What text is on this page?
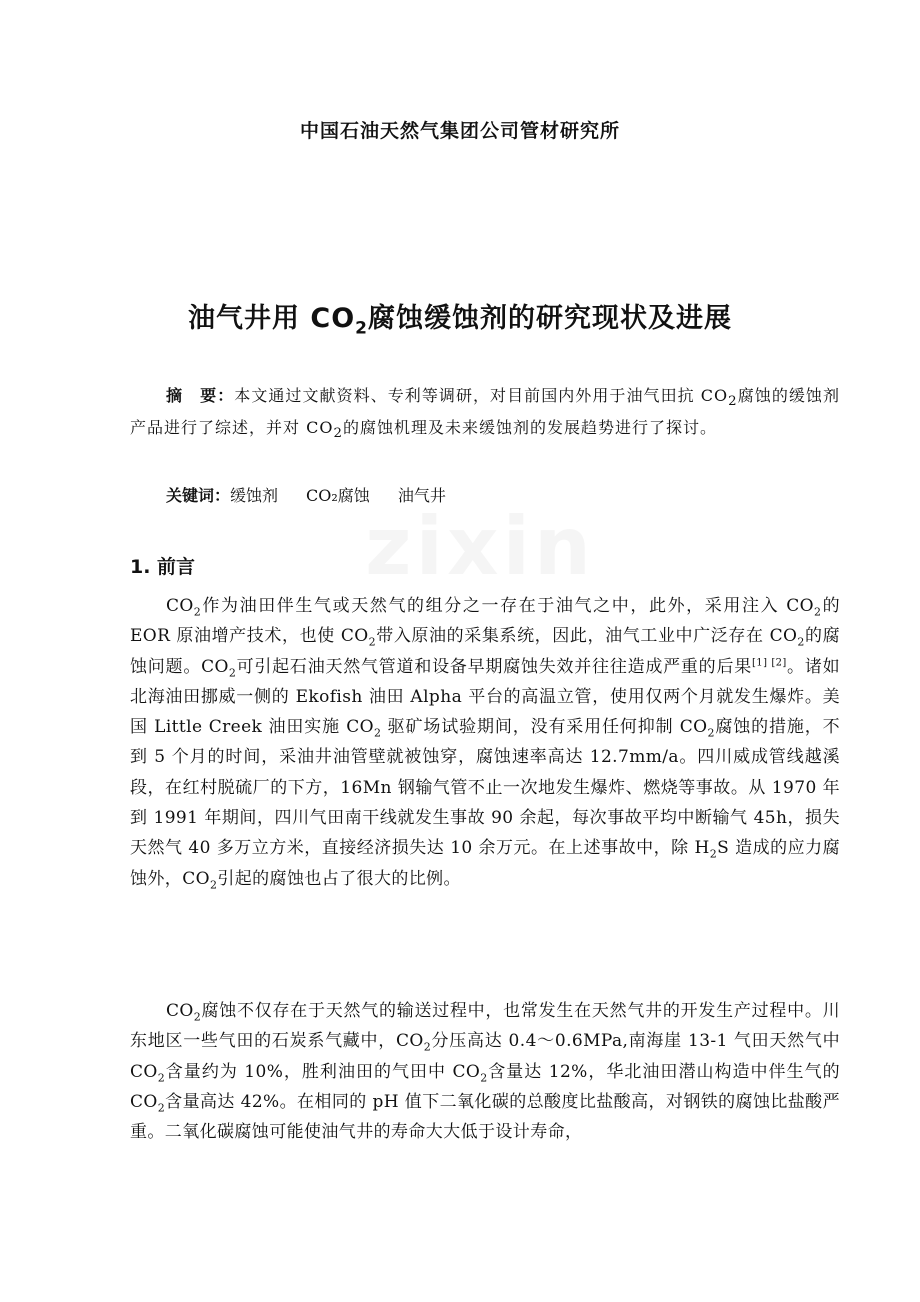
中国石油天然气集团公司管材研究所
油气井用 $CO_2$腐蚀缓蚀剂的研究现状及进展
摘　要：本文通过文献资料、专利等调研，对目前国内外用于油气田抗 $CO_2$腐蚀的缓蚀剂产品进行了综述，并对 $CO_2$的腐蚀机理及未来缓蚀剂的发展趋势进行了探讨。
关键词：缓蚀剂 CO₂腐蚀 油气井
1. 前言
$CO_2$作为油田伴生气或天然气的组分之一存在于油气之中，此外，采用注入 $CO_2$的 EOR 原油增产技术，也使 $CO_2$带入原油的采集系统，因此，油气工业中广泛存在 $CO_2$的腐蚀问题。$CO_2$可引起石油天然气管道和设备早期腐蚀失效并往往造成严重的后果[1] [2]。诸如北海油田挪威一侧的 Ekofish 油田 Alpha 平台的高温立管，使用仅两个月就发生爆炸。美国 Little Creek 油田实施 $CO_2$ 驱矿场试验期间，没有采用任何抑制 $CO_2$腐蚀的措施，不到 5 个月的时间，采油井油管壁就被蚀穿，腐蚀速率高达 12.7mm/a。四川威成管线越溪段，在红村脱硫厂的下方，16Mn 钢输气管不止一次地发生爆炸、燃烧等事故。从 1970 年到 1991 年期间，四川气田南干线就发生事故 90 余起，每次事故平均中断输气 45h，损失天然气 40 多万立方米，直接经济损失达 10 余万元。在上述事故中，除 $H_2S$ 造成的应力腐蚀外，$CO_2$引起的腐蚀也占了很大的比例。
$CO_2$腐蚀不仅存在于天然气的输送过程中，也常发生在天然气井的开发生产过程中。川东地区一些气田的石炭系气藏中，$CO_2$分压高达 0.4～0.6MPa,南海崖 13-1 气田天然气中 $CO_2$含量约为 10%，胜利油田的气田中 $CO_2$含量达 12%，华北油田潜山构造中伴生气的 $CO_2$含量高达 42%。在相同的 pH 值下二氧化碳的总酸度比盐酸高，对钢铁的腐蚀比盐酸严重。二氧化碳腐蚀可能使油气井的寿命大大低于设计寿命，
